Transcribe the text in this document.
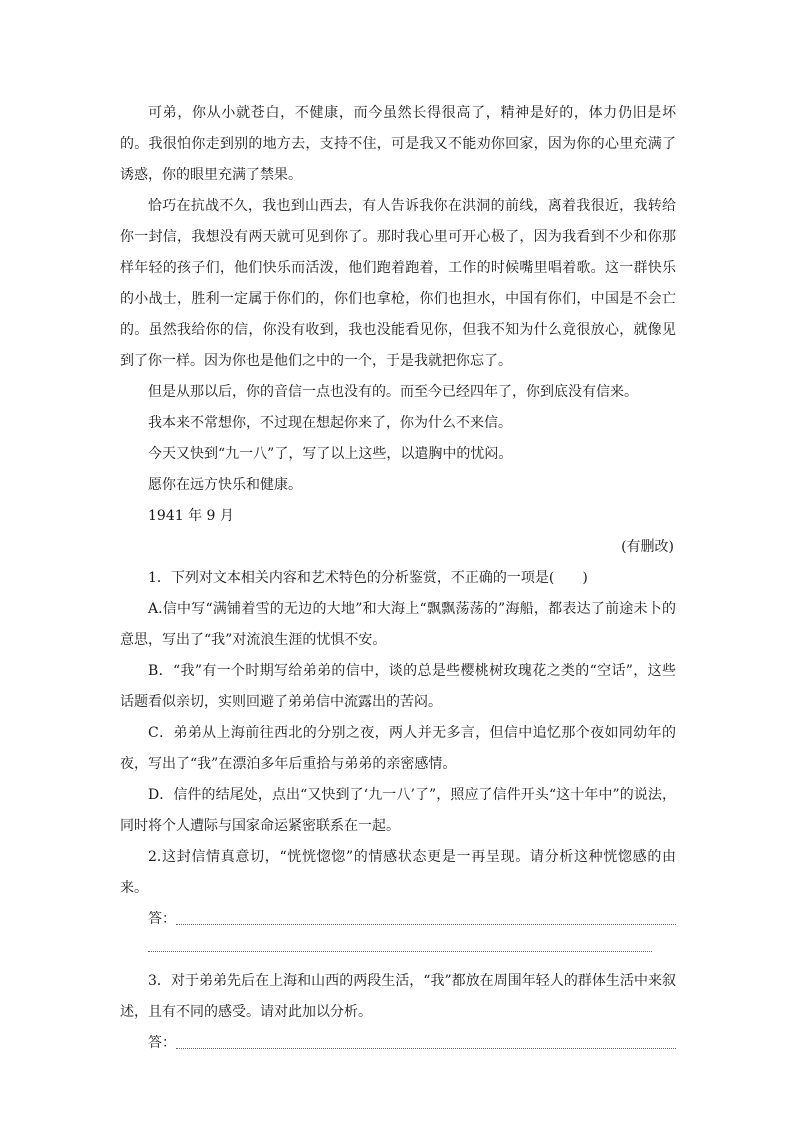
可弟，你从小就苍白，不健康，而今虽然长得很高了，精神是好的，体力仍旧是坏的。我很怕你走到别的地方去，支持不住，可是我又不能劝你回家，因为你的心里充满了诱惑，你的眼里充满了禁果。

恰巧在抗战不久，我也到山西去，有人告诉我你在洪洞的前线，离着我很近，我转给你一封信，我想没有两天就可见到你了。那时我心里可开心极了，因为我看到不少和你那样年轻的孩子们，他们快乐而活泼，他们跑着跑着，工作的时候嘴里唱着歌。这一群快乐的小战士，胜利一定属于你们的，你们也拿枪，你们也担水，中国有你们，中国是不会亡的。虽然我给你的信，你没有收到，我也没能看见你，但我不知为什么竟很放心，就像见到了你一样。因为你也是他们之中的一个，于是我就把你忘了。

但是从那以后，你的音信一点也没有的。而至今已经四年了，你到底没有信来。

我本来不常想你，不过现在想起你来了，你为什么不来信。

今天又快到“九一八”了，写了以上这些，以遣胸中的忧闷。

愿你在远方快乐和健康。

1941 年 9 月

(有删改)

1．下列对文本相关内容和艺术特色的分析鉴赏，不正确的一项是(　　)

A.信中写“满铺着雪的无边的大地”和大海上“飘飘荡荡的”海船，都表达了前途未卜的意思，写出了“我”对流浪生涯的忧惧不安。

B．“我”有一个时期写给弟弟的信中，谈的总是些樱桃树玫瑰花之类的“空话”，这些话题看似亲切，实则回避了弟弟信中流露出的苦闷。

C．弟弟从上海前往西北的分别之夜，两人并无多言，但信中追忆那个夜如同幼年的夜，写出了“我”在漂泊多年后重拾与弟弟的亲密感情。

D．信件的结尾处，点出“又快到了‘九一八’了”，照应了信件开头“这十年中”的说法，同时将个人遭际与国家命运紧密联系在一起。

2.这封信情真意切，“恍恍惚惚”的情感状态更是一再呈现。请分析这种恍惚感的由来。

答：

3．对于弟弟先后在上海和山西的两段生活，“我”都放在周围年轻人的群体生活中来叙述，且有不同的感受。请对此加以分析。

答：
